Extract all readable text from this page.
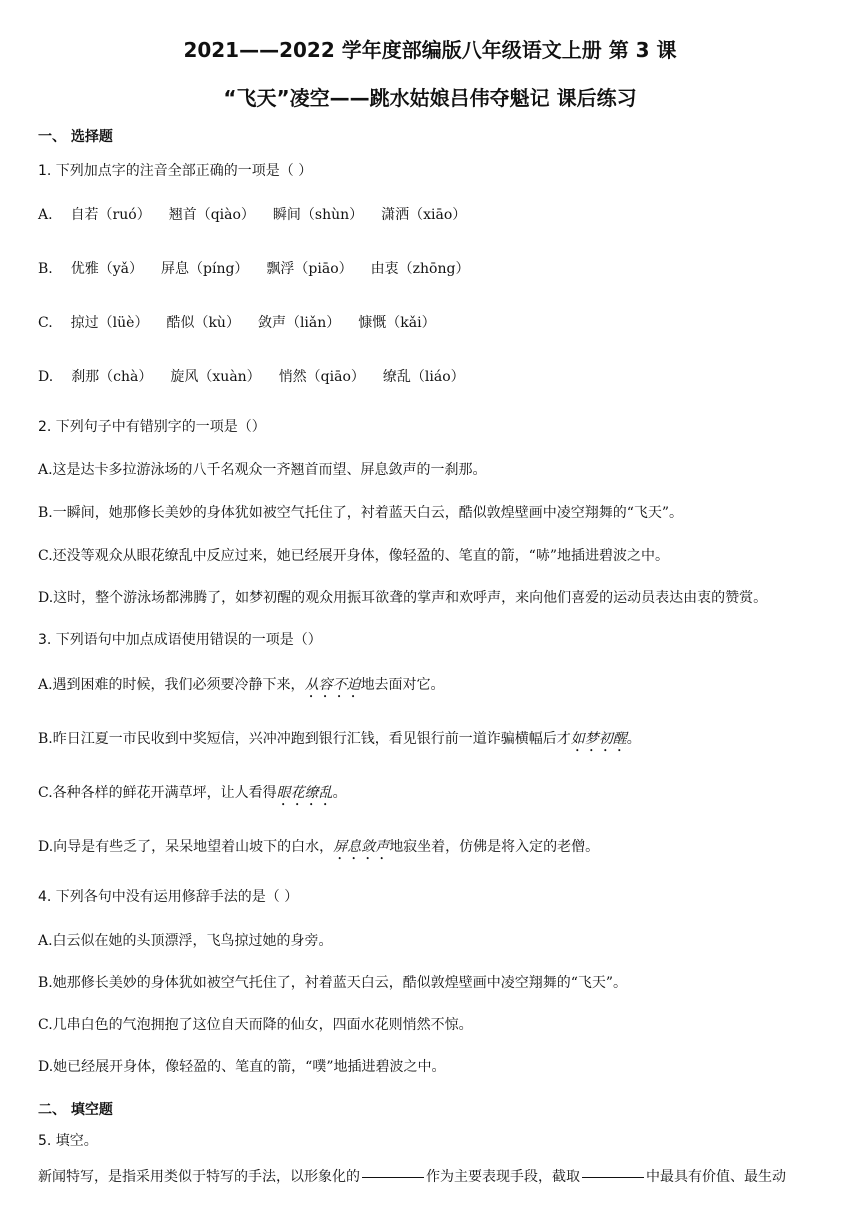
2021——2022 学年度部编版八年级语文上册 第 3 课
“飞天”凌空——跳水姑娘吕伟夺魁记 课后练习
一、 选择题
1. 下列加点字的注音全部正确的一项是（ ）
A. 自若（ruó） 翘首（qiào） 瞬间（shùn） 潇洒（xiāo）
B. 优雅（yǎ） 屏息（píng） 飘浮（piāo） 由衷（zhōng）
C. 掠过（lüè） 酷似（kù） 敛声（liǎn） 慷慨（kǎi）
D. 刹那（chà） 旋风（xuàn） 悄然（qiāo） 缭乱（liáo）
2. 下列句子中有错别字的一项是（）
A.这是达卡多拉游泳场的八千名观众一齐翘首而望、屏息敛声的一刹那。
B.一瞬间，她那修长美妙的身体犹如被空气托住了，衬着蓝天白云，酷似敦煌壁画中凌空翔舞的“飞天”。
C.还没等观众从眼花缭乱中反应过来，她已经展开身体，像轻盈的、笔直的箭，“哧”地插进碧波之中。
D.这时，整个游泳场都沸腾了，如梦初醒的观众用振耳欲聋的掌声和欢呼声，来向他们喜爱的运动员表达由衷的赞赏。
3. 下列语句中加点成语使用错误的一项是（）
A.遇到困难的时候，我们必须要冷静下来，从容不迫地去面对它。
B.昨日江夏一市民收到中奖短信，兴冲冲跑到银行汇钱，看见银行前一道诈骗横幅后才如梦初醒。
C.各种各样的鲜花开满草坪，让人看得眼花缭乱。
D.向导是有些乏了，呆呆地望着山坡下的白水，屏息敛声地寂坐着，仿佛是将入定的老僧。
4. 下列各句中没有运用修辞手法的是（ ）
A.白云似在她的头顶漂浮，飞鸟掠过她的身旁。
B.她那修长美妙的身体犹如被空气托住了，衬着蓝天白云，酷似敦煌壁画中凌空翔舞的“飞天”。
C.几串白色的气泡拥抱了这位自天而降的仙女，四面水花则悄然不惊。
D.她已经展开身体，像轻盈的、笔直的箭，“噗”地插进碧波之中。
二、 填空题
5. 填空。
新闻特写，是指采用类似于特写的手法，以形象化的	作为主要表现手段，截取	中最具有价值、最生动
